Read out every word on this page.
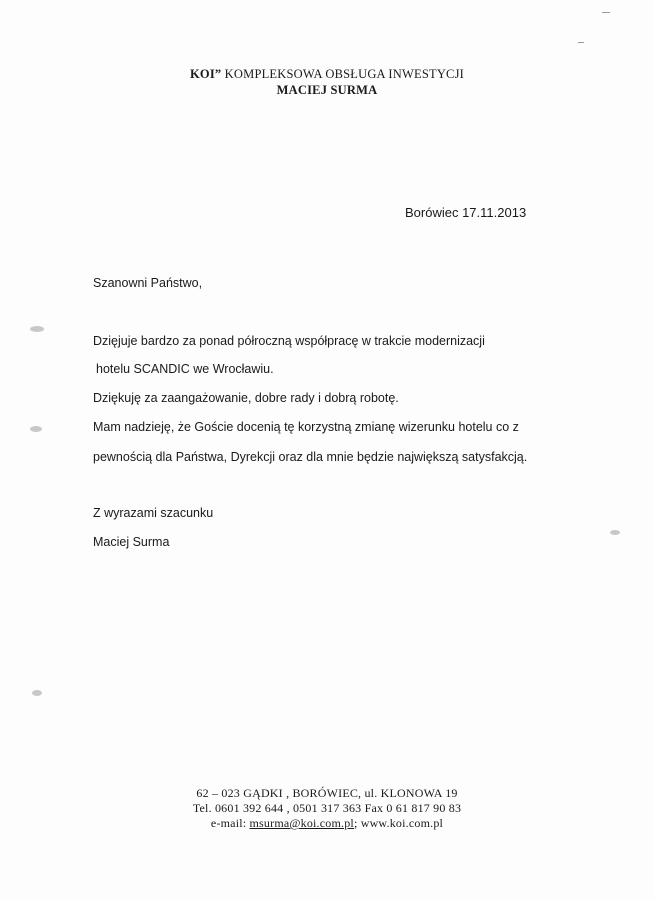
KOI” KOMPLEKSOWA OBSŁUGA INWESTYCJI
MACIEJ SURMA
Borówiec 17.11.2013
Szanowni Państwo,
Dzięjuje bardzo za ponad półroczną współpracę w trakcie modernizacji
hotelu SCANDIC we Wrocławiu.
Dziękuję za zaangażowanie, dobre rady i dobrą robotę.
Mam nadzieję, że Goście docenią tę korzystną zmianę wizerunku hotelu co z
pewnością dla Państwa, Dyrekcji oraz dla mnie będzie największą satysfakcją.
Z wyrazami szacunku
Maciej Surma
62 – 023 GĄDKI , BORÓWIEC, ul. KLONOWA 19
Tel. 0601 392 644 , 0501 317 363 Fax 0 61 817 90 83
e-mail: msurma@koi.com.pl; www.koi.com.pl
